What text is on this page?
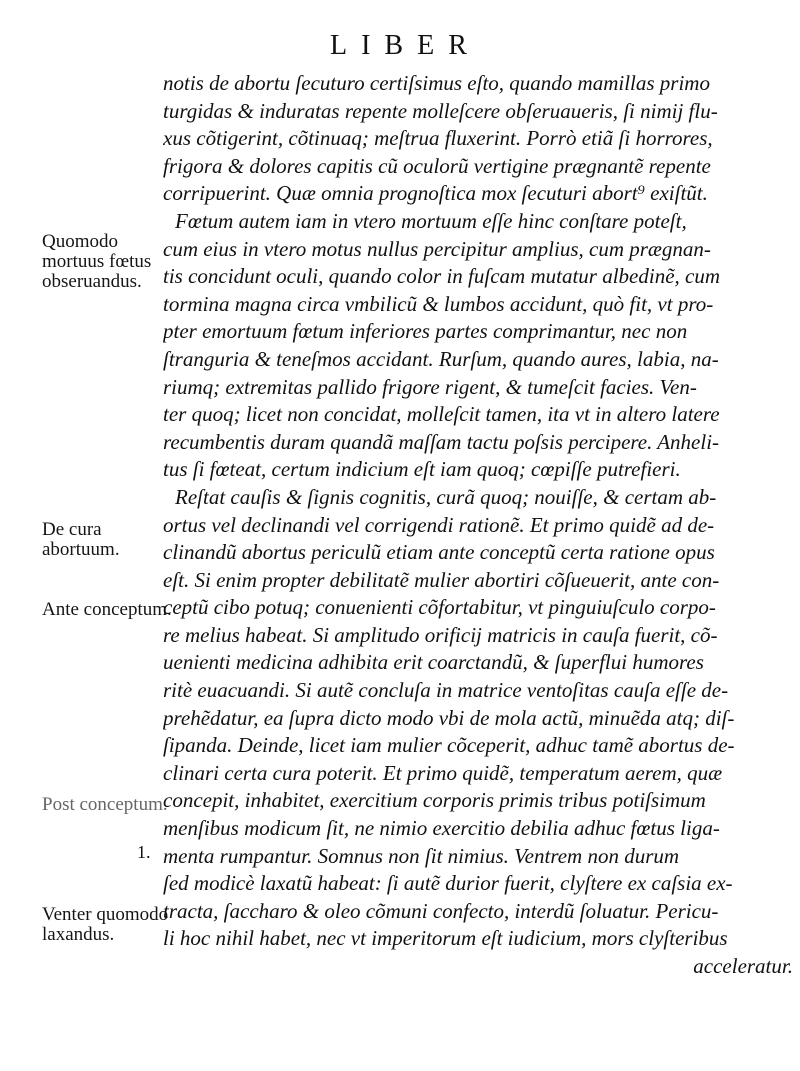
LIBER
Quomodo mortuus fœtus obseruandus.
De cura abortuum.
Ante conceptum.
Post conceptum.
Venter quomodo laxandus.
1.
notis de abortu ſecuturo certiſsimus eſto, quando mamillas primo
turgidas & induratas repente molleſcere obſeruaueris, ſi nimij flu-
xus cõtigerint, cõtinuaq; meſtrua fluxerint. Porrò etiã ſi horrores,
frigora & dolores capitis cũ oculorũ vertigine prægnantẽ repente
corripuerint. Quæ omnia prognoſtica mox ſecuturi abort⁹ exiſtũt.
Fœtum autem iam in vtero mortuum eſſe hinc conſtare poteſt,
cum eius in vtero motus nullus percipitur amplius, cum prægnan-
tis concidunt oculi, quando color in fuſcam mutatur albedinẽ, cum
tormina magna circa vmbilicũ & lumbos accidunt, quò fit, vt pro-
pter emortuum fœtum inferiores partes comprimantur, nec non
ſtranguria & teneſmos accidant. Rurſum, quando aures, labia, na-
riumq; extremitas pallido frigore rigent, & tumeſcit facies. Ven-
ter quoq; licet non concidat, molleſcit tamen, ita vt in altero latere
recumbentis duram quandã maſſam tactu poſsis percipere. Anheli-
tus ſi fœteat, certum indicium eſt iam quoq; cœpiſſe putrefieri.
Reſtat cauſis & ſignis cognitis, curã quoq; nouiſſe, & certam ab-
ortus vel declinandi vel corrigendi rationẽ. Et primo quidẽ ad de-
clinandũ abortus periculũ etiam ante conceptũ certa ratione opus
eſt. Si enim propter debilitatẽ mulier abortiri cõſueuerit, ante con-
ceptũ cibo potuq; conuenienti cõfortabitur, vt pinguiuſculo corpo-
re melius habeat. Si amplitudo orificij matricis in cauſa fuerit, cõ-
uenienti medicina adhibita erit coarctandũ, & ſuperflui humores
ritè euacuandi. Si autẽ concluſa in matrice ventoſitas cauſa eſſe de-
prehẽdatur, ea ſupra dicto modo vbi de mola actũ, minuẽda atq; diſ-
ſipanda. Deinde, licet iam mulier cõceperit, adhuc tamẽ abortus de-
clinari certa cura poterit. Et primo quidẽ, temperatum aerem, quæ
concepit, inhabitet, exercitium corporis primis tribus potiſsimum
menſibus modicum ſit, ne nimio exercitio debilia adhuc fœtus liga-
menta rumpantur. Somnus non ſit nimius. Ventrem non durum
ſed modicè laxatũ habeat: ſi autẽ durior fuerit, clyſtere ex caſsia ex-
tracta, ſaccharo & oleo cõmuni confecto, interdũ ſoluatur. Pericu-
li hoc nihil habet, nec vt imperitorum eſt iudicium, mors clyſteribus
acceleratur.
